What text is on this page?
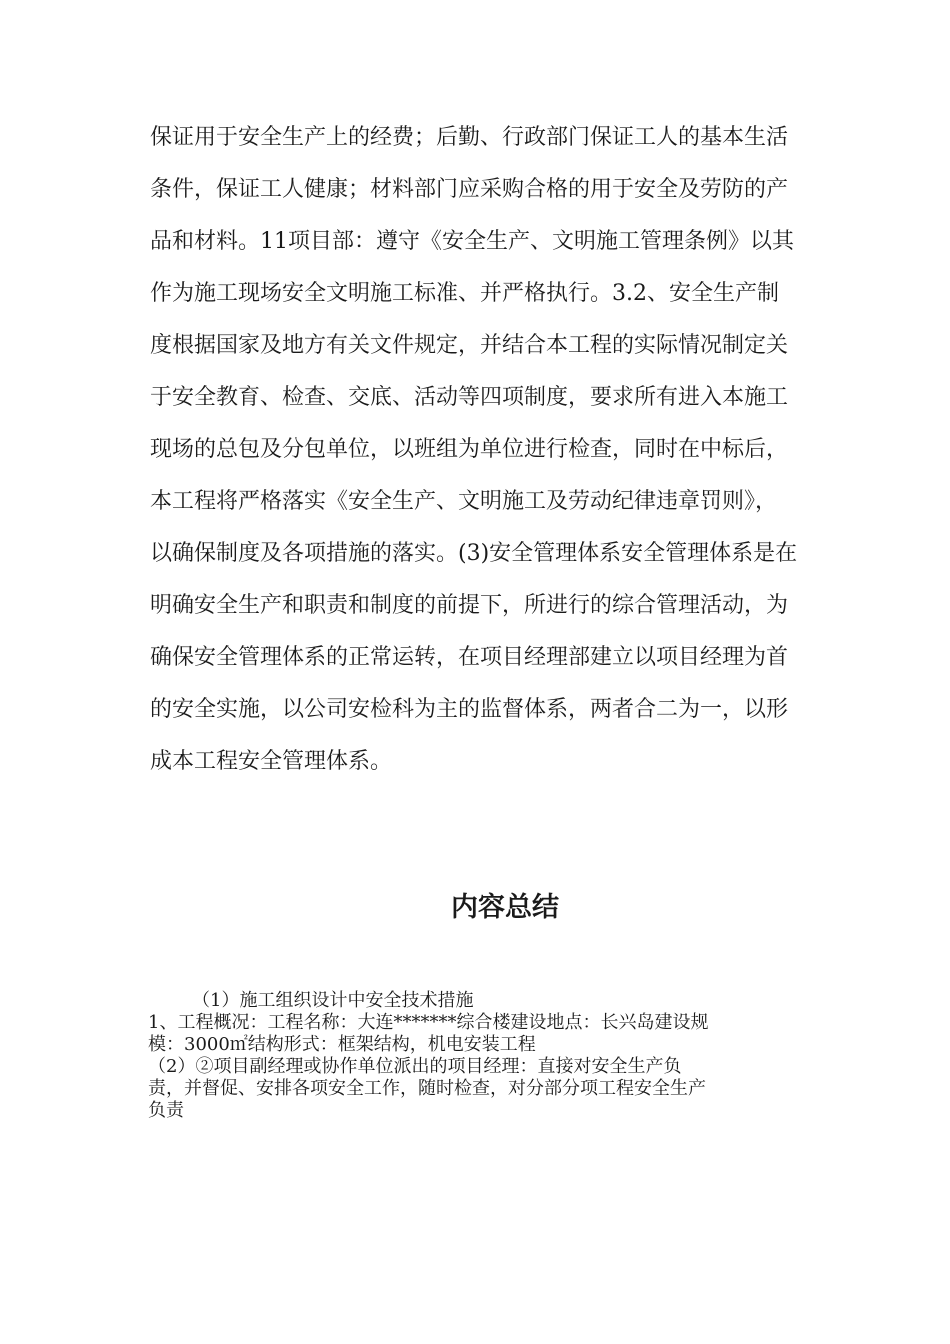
保证用于安全生产上的经费；后勤、行政部门保证工人的基本生活
条件，保证工人健康；材料部门应采购合格的用于安全及劳防的产
品和材料。11项目部：遵守《安全生产、文明施工管理条例》以其
作为施工现场安全文明施工标准、并严格执行。3.2、安全生产制
度根据国家及地方有关文件规定，并结合本工程的实际情况制定关
于安全教育、检查、交底、活动等四项制度，要求所有进入本施工
现场的总包及分包单位，以班组为单位进行检查，同时在中标后，
本工程将严格落实《安全生产、文明施工及劳动纪律违章罚则》，
以确保制度及各项措施的落实。(3)安全管理体系安全管理体系是在
明确安全生产和职责和制度的前提下，所进行的综合管理活动，为
确保安全管理体系的正常运转，在项目经理部建立以项目经理为首
的安全实施，以公司安检科为主的监督体系，两者合二为一，以形
成本工程安全管理体系。
内容总结
（1）施工组织设计中安全技术措施
1、工程概况：工程名称：大连*******综合楼建设地点：长兴岛建设规
模：3000㎡结构形式：框架结构，机电安装工程
（2）②项目副经理或协作单位派出的项目经理：直接对安全生产负
责，并督促、安排各项安全工作，随时检查，对分部分项工程安全生产
负责
